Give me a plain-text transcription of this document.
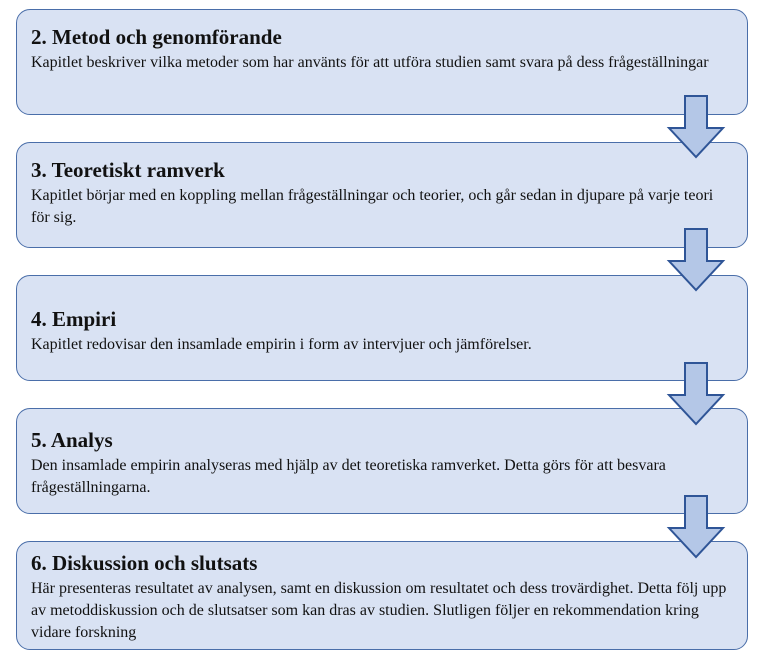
2. Metod och genomförande
Kapitlet beskriver vilka metoder som har använts för att utföra studien samt svara på dess frågeställningar
3. Teoretiskt ramverk
Kapitlet börjar med en koppling mellan frågeställningar och teorier, och går sedan in djupare på varje teori för sig.
4. Empiri
Kapitlet redovisar den insamlade empirin i form av intervjuer och jämförelser.
5. Analys
Den insamlade empirin analyseras med hjälp av det teoretiska ramverket. Detta görs för att besvara frågeställningarna.
6. Diskussion och slutsats
Här presenteras resultatet av analysen, samt en diskussion om resultatet och dess trovärdighet. Detta följ upp av metoddiskussion och de slutsatser som kan dras av studien. Slutligen följer en rekommendation kring vidare forskning
